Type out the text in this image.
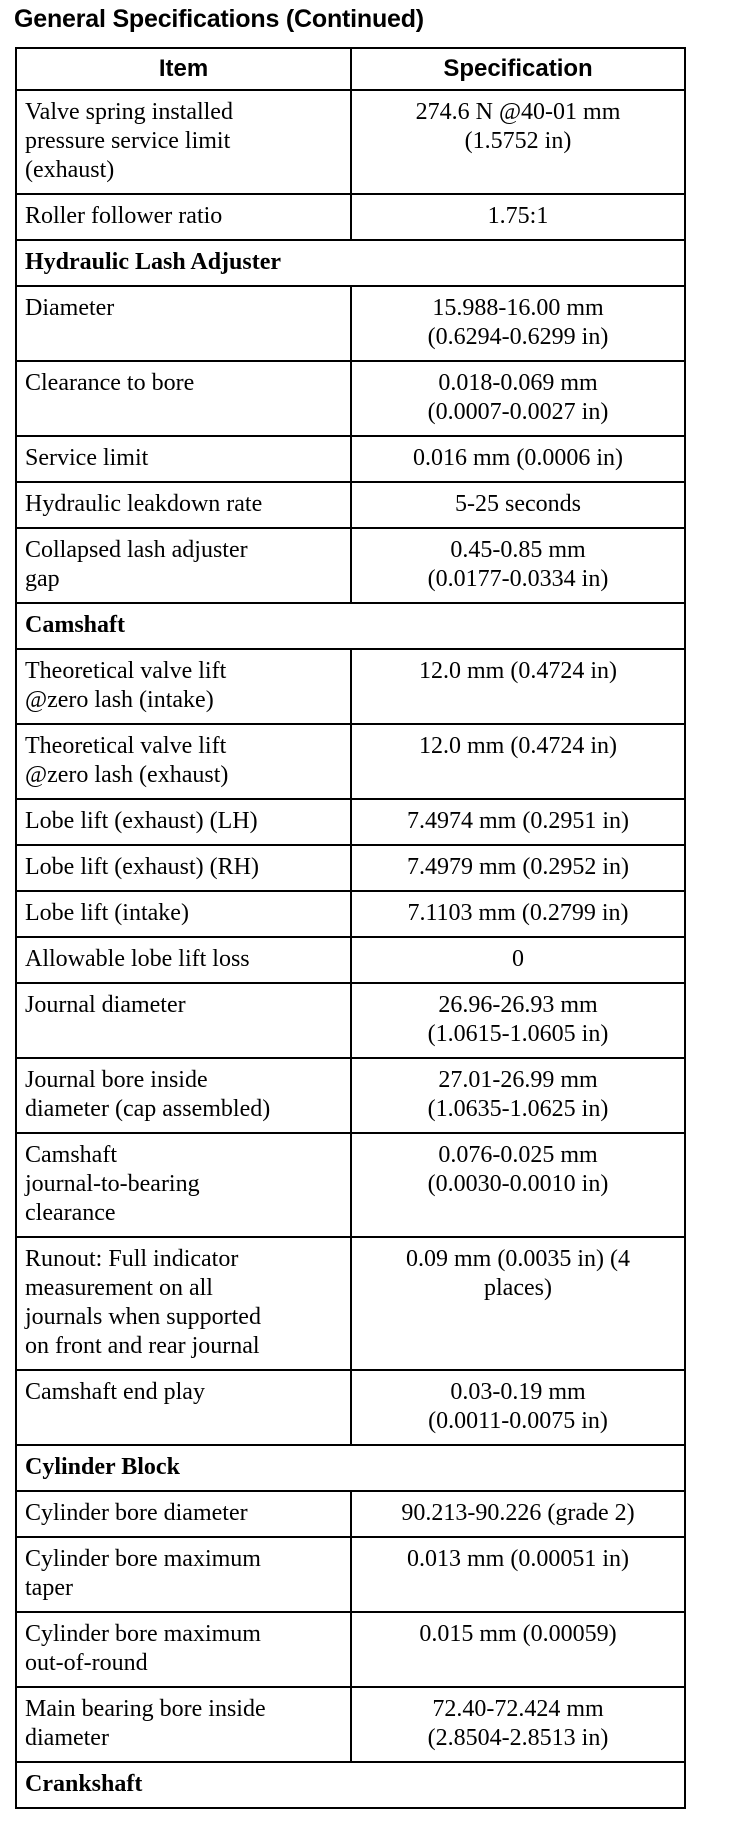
General Specifications (Continued)
Item	Specification
Valve spring installed
pressure service limit
(exhaust)	274.6 N @40-01 mm
(1.5752 in)
Roller follower ratio	1.75:1
Hydraulic Lash Adjuster	
Diameter	15.988-16.00 mm
(0.6294-0.6299 in)
Clearance to bore	0.018-0.069 mm
(0.0007-0.0027 in)
Service limit	0.016 mm (0.0006 in)
Hydraulic leakdown rate	5-25 seconds
Collapsed lash adjuster
gap	0.45-0.85 mm
(0.0177-0.0334 in)
Camshaft	
Theoretical valve lift
@zero lash (intake)	12.0 mm (0.4724 in)
Theoretical valve lift
@zero lash (exhaust)	12.0 mm (0.4724 in)
Lobe lift (exhaust) (LH)	7.4974 mm (0.2951 in)
Lobe lift (exhaust) (RH)	7.4979 mm (0.2952 in)
Lobe lift (intake)	7.1103 mm (0.2799 in)
Allowable lobe lift loss	0
Journal diameter	26.96-26.93 mm
(1.0615-1.0605 in)
Journal bore inside
diameter (cap assembled)	27.01-26.99 mm
(1.0635-1.0625 in)
Camshaft
journal-to-bearing
clearance	0.076-0.025 mm
(0.0030-0.0010 in)
Runout: Full indicator
measurement on all
journals when supported
on front and rear journal	0.09 mm (0.0035 in) (4
places)
Camshaft end play	0.03-0.19 mm
(0.0011-0.0075 in)
Cylinder Block	
Cylinder bore diameter	90.213-90.226 (grade 2)
Cylinder bore maximum
taper	0.013 mm (0.00051 in)
Cylinder bore maximum
out-of-round	0.015 mm (0.00059)
Main bearing bore inside
diameter	72.40-72.424 mm
(2.8504-2.8513 in)
Crankshaft	
